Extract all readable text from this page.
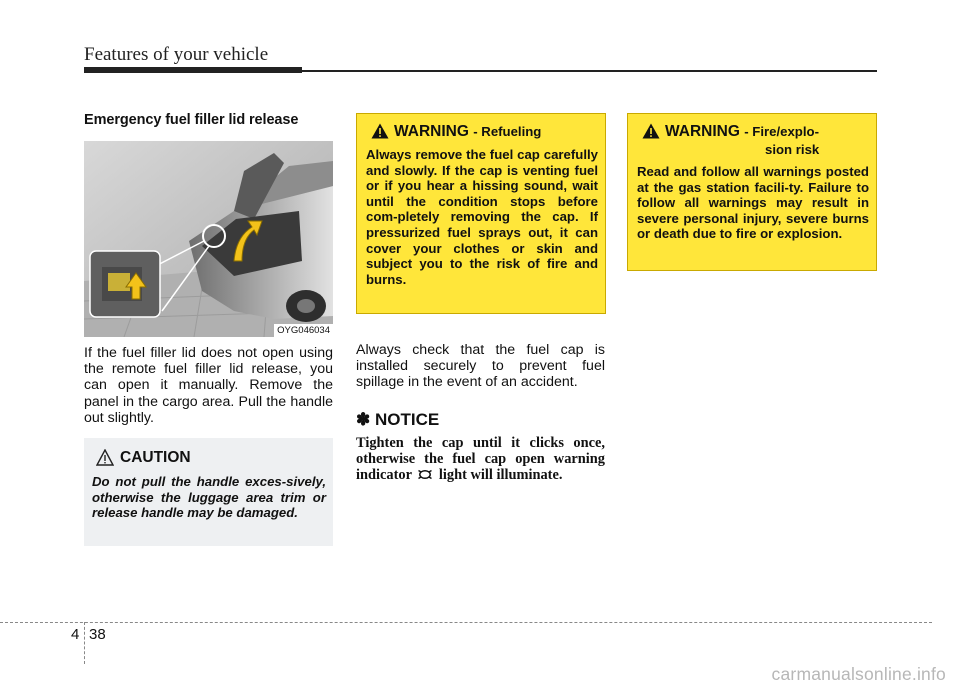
Features of your vehicle
Emergency fuel filler lid release
OYG046034
If the fuel filler lid does not open using the remote fuel filler lid release, you can open it manually. Remove the panel in the cargo area. Pull the handle out slightly.
CAUTION
Do not pull the handle exces-sively, otherwise the luggage area trim or release handle may be damaged.
WARNING - Refueling
Always remove the fuel cap carefully and slowly. If the cap is venting fuel or if you hear a hissing sound, wait until the condition stops before com-pletely removing the cap. If pressurized fuel sprays out, it can cover your clothes or skin and subject you to the risk of fire and burns.
Always check that the fuel cap is installed securely to prevent fuel spillage in the event of an accident.
✽ NOTICE
Tighten the cap until it clicks once, otherwise the fuel cap open warning indicator light will illuminate.
WARNING - Fire/explo-
sion risk
Read and follow all warnings posted at the gas station facili-ty. Failure to follow all warnings may result in severe personal injury, severe burns or death due to fire or explosion.
4 38
carmanualsonline.info
